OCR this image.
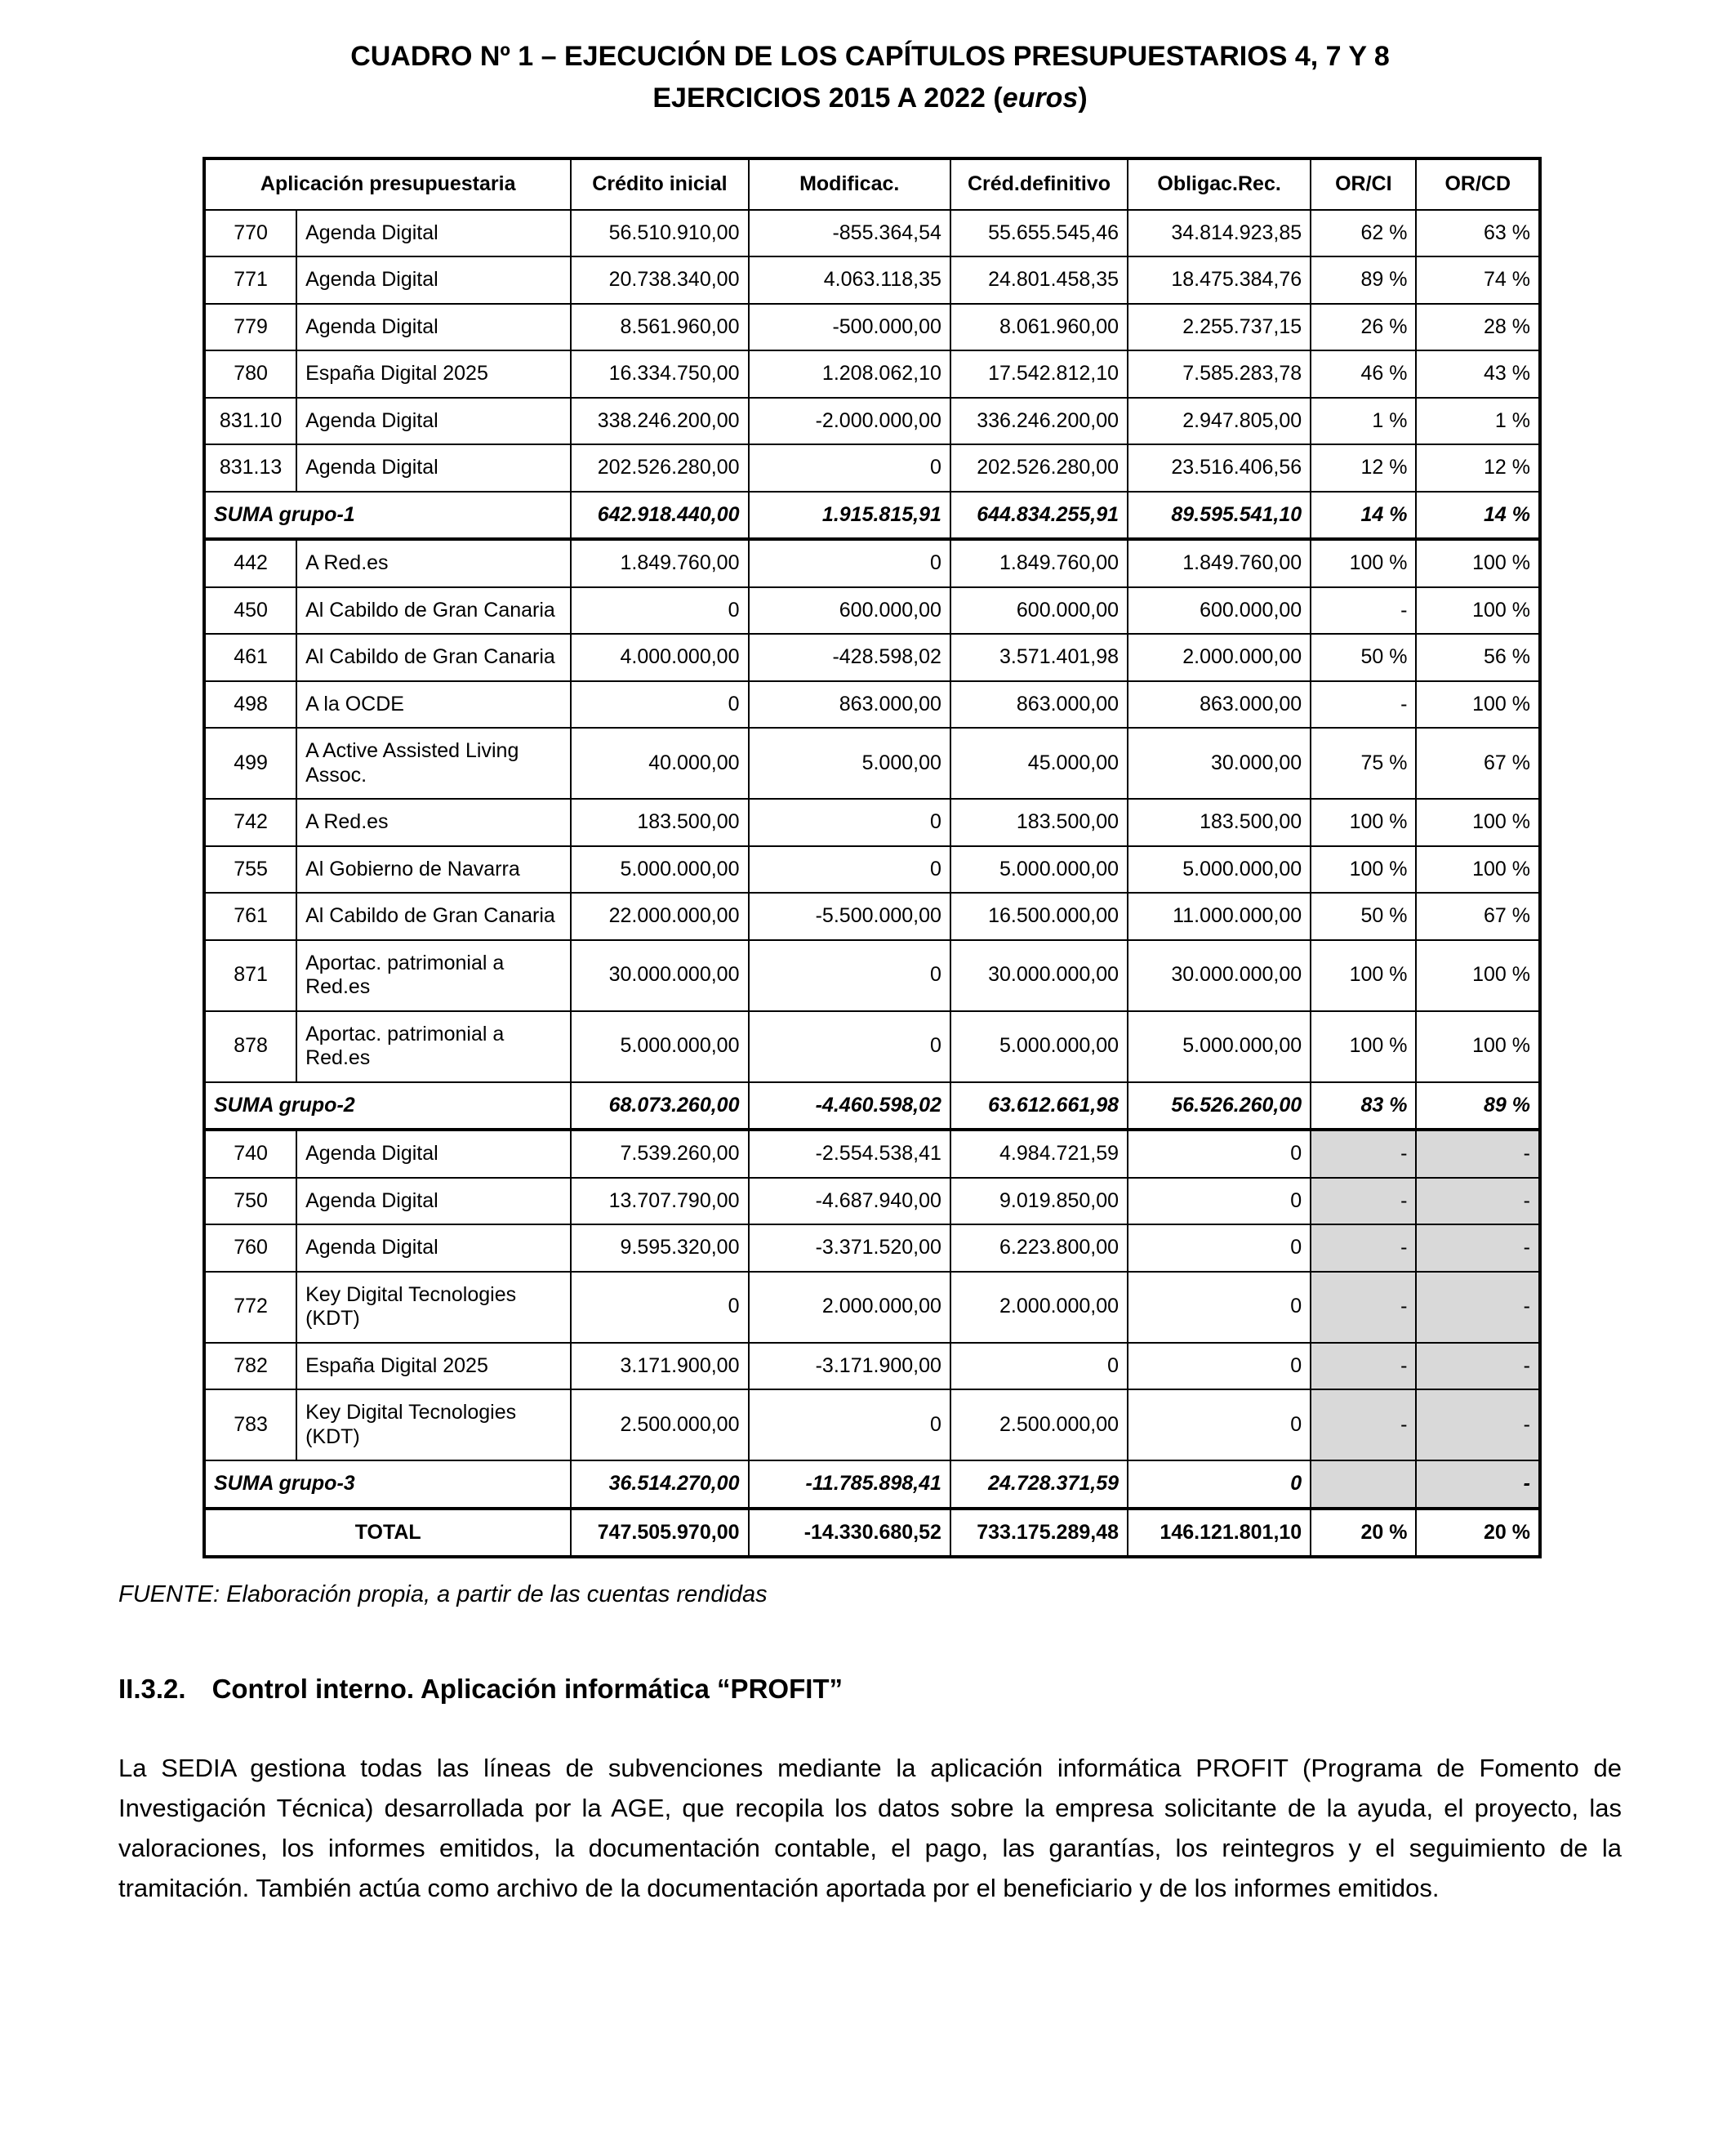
CUADRO Nº 1 – EJECUCIÓN DE LOS CAPÍTULOS PRESUPUESTARIOS 4, 7 Y 8
EJERCICIOS 2015 A 2022 (euros)
Aplicación presupuestaria		Crédito inicial	Modificac.	Créd.definitivo	Obligac.Rec.	OR/CI	OR/CD
770	Agenda Digital	56.510.910,00	-855.364,54	55.655.545,46	34.814.923,85	62 %	63 %
771	Agenda Digital	20.738.340,00	4.063.118,35	24.801.458,35	18.475.384,76	89 %	74 %
779	Agenda Digital	8.561.960,00	-500.000,00	8.061.960,00	2.255.737,15	26 %	28 %
780	España Digital 2025	16.334.750,00	1.208.062,10	17.542.812,10	7.585.283,78	46 %	43 %
831.10	Agenda Digital	338.246.200,00	-2.000.000,00	336.246.200,00	2.947.805,00	1 %	1 %
831.13	Agenda Digital	202.526.280,00	0	202.526.280,00	23.516.406,56	12 %	12 %
SUMA grupo-1		642.918.440,00	1.915.815,91	644.834.255,91	89.595.541,10	14 %	14 %
442	A Red.es	1.849.760,00	0	1.849.760,00	1.849.760,00	100 %	100 %
450	Al Cabildo de Gran Canaria	0	600.000,00	600.000,00	600.000,00	-	100 %
461	Al Cabildo de Gran Canaria	4.000.000,00	-428.598,02	3.571.401,98	2.000.000,00	50 %	56 %
498	A la OCDE	0	863.000,00	863.000,00	863.000,00	-	100 %
499	A Active Assisted Living Assoc.	40.000,00	5.000,00	45.000,00	30.000,00	75 %	67 %
742	A Red.es	183.500,00	0	183.500,00	183.500,00	100 %	100 %
755	Al Gobierno de Navarra	5.000.000,00	0	5.000.000,00	5.000.000,00	100 %	100 %
761	Al Cabildo de Gran Canaria	22.000.000,00	-5.500.000,00	16.500.000,00	11.000.000,00	50 %	67 %
871	Aportac. patrimonial a Red.es	30.000.000,00	0	30.000.000,00	30.000.000,00	100 %	100 %
878	Aportac. patrimonial a Red.es	5.000.000,00	0	5.000.000,00	5.000.000,00	100 %	100 %
SUMA grupo-2		68.073.260,00	-4.460.598,02	63.612.661,98	56.526.260,00	83 %	89 %
740	Agenda Digital	7.539.260,00	-2.554.538,41	4.984.721,59	0	-	-
750	Agenda Digital	13.707.790,00	-4.687.940,00	9.019.850,00	0	-	-
760	Agenda Digital	9.595.320,00	-3.371.520,00	6.223.800,00	0	-	-
772	Key Digital Tecnologies (KDT)	0	2.000.000,00	2.000.000,00	0	-	-
782	España Digital 2025	3.171.900,00	-3.171.900,00	0	0	-	-
783	Key Digital Tecnologies (KDT)	2.500.000,00	0	2.500.000,00	0	-	-
SUMA grupo-3		36.514.270,00	-11.785.898,41	24.728.371,59	0		-
TOTAL		747.505.970,00	-14.330.680,52	733.175.289,48	146.121.801,10	20 %	20 %

FUENTE: Elaboración propia, a partir de las cuentas rendidas

II.3.2. Control interno. Aplicación informática “PROFIT”

La SEDIA gestiona todas las líneas de subvenciones mediante la aplicación informática PROFIT (Programa de Fomento de Investigación Técnica) desarrollada por la AGE, que recopila los datos sobre la empresa solicitante de la ayuda, el proyecto, las valoraciones, los informes emitidos, la documentación contable, el pago, las garantías, los reintegros y el seguimiento de la tramitación. También actúa como archivo de la documentación aportada por el beneficiario y de los informes emitidos.
